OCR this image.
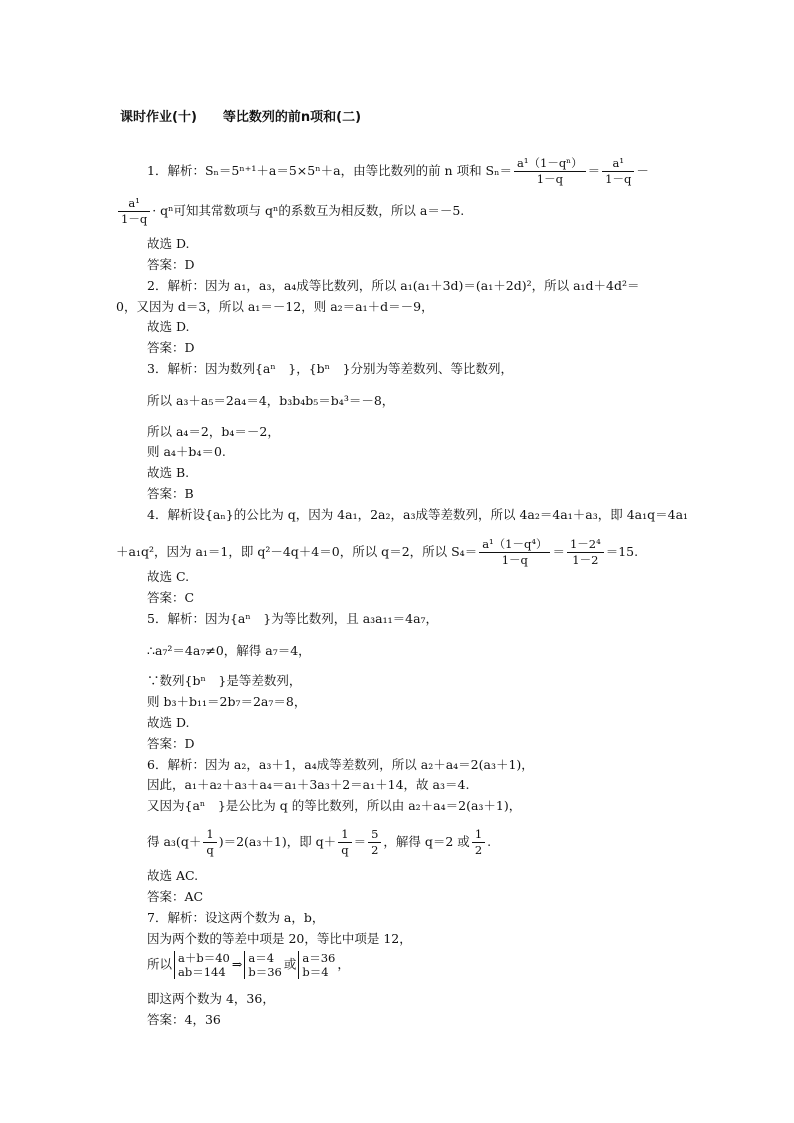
课时作业(十)　　等比数列的前n项和(二)
1．解析：Sₙ＝5ⁿ⁺¹＋a＝5×5ⁿ＋a，由等比数列的前 n 项和 $S_n= \frac{\text{a¹（1－qⁿ）}}{1-q} = \frac{\text{a¹}}{1-q}$ －
$\frac{\text{a¹}}{1-q} \cdot q^n$可知其常数项与 qⁿ的系数互为相反数，所以 a＝－5.
故选 D.
答案：D
2．解析：因为 a₁，a₃，a₄成等比数列，所以 a₁(a₁＋3d)＝(a₁＋2d)²，所以 a₁d＋4d²＝
0，又因为 d＝3，所以 a₁＝－12，则 a₂＝a₁＋d＝－9，
故选 D.
答案：D
3．解析：因为数列{aⁿ　}，{bⁿ　}分别为等差数列、等比数列，
所以 a₃＋a₅＝2a₄＝4，b₃b₄b₅＝b₄³＝－8，
所以 a₄＝2，b₄＝－2，
则 a₄＋b₄＝0.
故选 B.
答案：B
4．解析设{aₙ}的公比为 q，因为 4a₁，2a₂，a₃成等差数列，所以 4a₂＝4a₁＋a₃，即 4a₁q＝4a₁
＋a₁q²，因为 a₁＝1，即 q²－4q＋4＝0，所以 q＝2，所以 $S_4= \frac{\text{a¹（1－q⁴）}}{1-q} = \frac{\text{1－2⁴}}{1-2} =15$.
故选 C.
答案：C
5．解析：因为{aⁿ　}为等比数列，且 a₃a₁₁＝4a₇，
∴a₇²＝4a₇≠0，解得 a₇＝4，
∵数列{bⁿ　}是等差数列，
则 b₃＋b₁₁＝2b₇＝2a₇＝8，
故选 D.
答案：D
6．解析：因为 a₂，a₃＋1，a₄成等差数列，所以 a₂＋a₄＝2(a₃＋1)，
因此，a₁＋a₂＋a₃＋a₄＝a₁＋3a₃＋2＝a₁＋14，故 a₃＝4.
又因为{aⁿ　}是公比为 q 的等比数列，所以由 a₂＋a₄＝2(a₃＋1)，
得 $a_3(q+ \frac{1}{q} )=2(a_3+1)$，即 $q+ \frac{1}{q} = \frac{5}{2}$ ，解得 q＝2 或 $\frac{1}{2}$ .
故选 AC.
答案：AC
7．解析：设这两个数为 a，b，
因为两个数的等差中项是 20，等比中项是 12，
所以 a＋b＝40
ab＝144
⇒ a＝4
b＝36
或 a＝36
b＝4
，
即这两个数为 4，36，
答案：4，36
